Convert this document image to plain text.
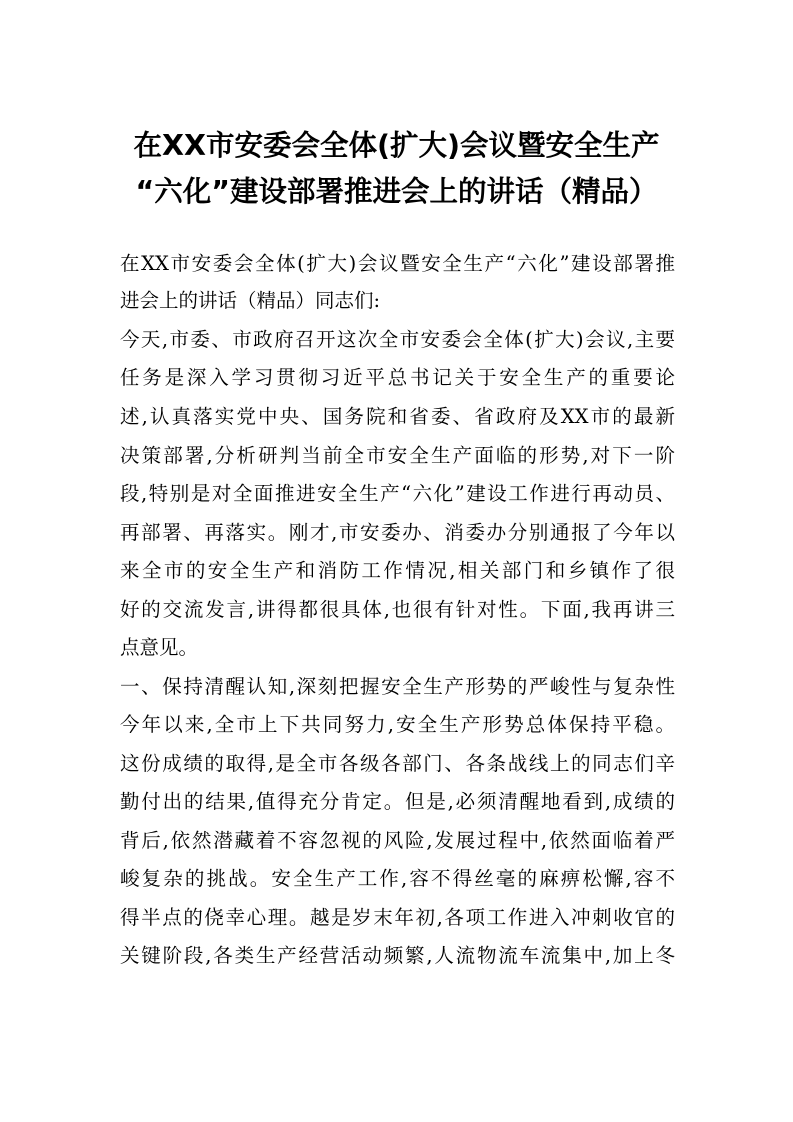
在XX市安委会全体(扩大)会议暨安全生产
“六化”建设部署推进会上的讲话（精品）
在XX市安委会全体(扩大)会议暨安全生产“六化”建设部署推
进会上的讲话（精品）同志们:
今天,市委、市政府召开这次全市安委会全体(扩大)会议,主要
任务是深入学习贯彻习近平总书记关于安全生产的重要论
述,认真落实党中央、国务院和省委、省政府及XX市的最新
决策部署,分析研判当前全市安全生产面临的形势,对下一阶
段,特别是对全面推进安全生产“六化”建设工作进行再动员、
再部署、再落实。刚才,市安委办、消委办分别通报了今年以
来全市的安全生产和消防工作情况,相关部门和乡镇作了很
好的交流发言,讲得都很具体,也很有针对性。下面,我再讲三
点意见。
一、保持清醒认知,深刻把握安全生产形势的严峻性与复杂性
今年以来,全市上下共同努力,安全生产形势总体保持平稳。
这份成绩的取得,是全市各级各部门、各条战线上的同志们辛
勤付出的结果,值得充分肯定。但是,必须清醒地看到,成绩的
背后,依然潜藏着不容忽视的风险,发展过程中,依然面临着严
峻复杂的挑战。安全生产工作,容不得丝毫的麻痹松懈,容不
得半点的侥幸心理。越是岁末年初,各项工作进入冲刺收官的
关键阶段,各类生产经营活动频繁,人流物流车流集中,加上冬
